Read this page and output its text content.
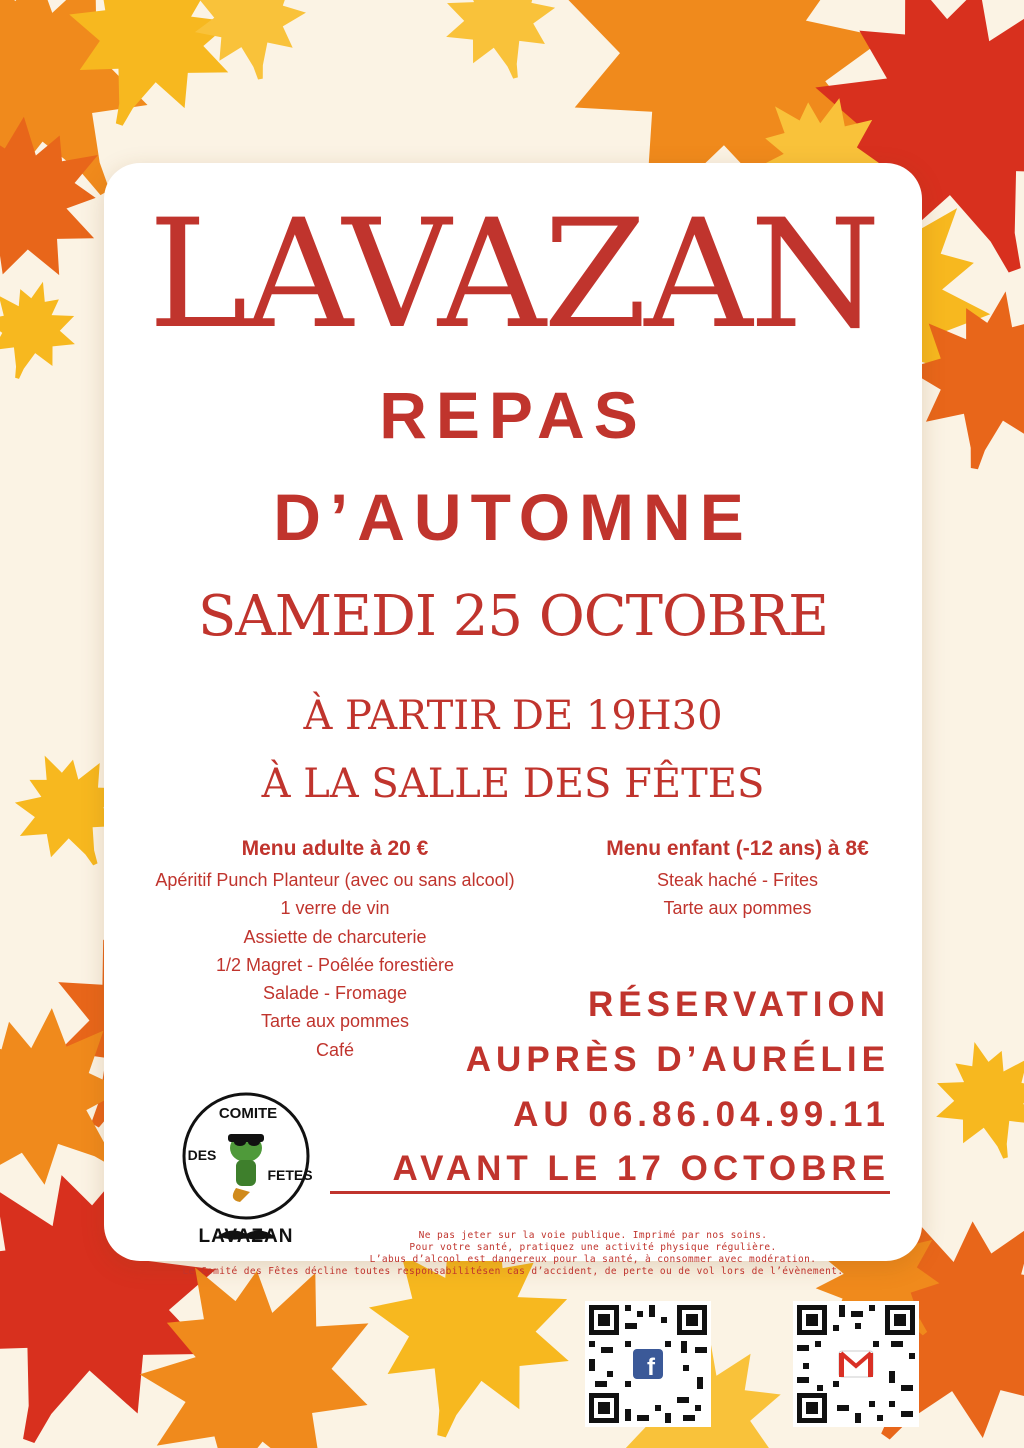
LAVAZAN
REPAS
D’AUTOMNE
SAMEDI 25 OCTOBRE
À PARTIR DE 19H30
À LA SALLE DES FÊTES
Menu adulte à 20 €
Apéritif Punch Planteur (avec ou sans alcool)
1 verre de vin
Assiette de charcuterie
1/2 Magret - Poêlée forestière
Salade - Fromage
Tarte aux pommes
Café
Menu enfant (-12 ans) à 8€
Steak haché - Frites
Tarte aux pommes
RÉSERVATION
AUPRÈS D’AURÉLIE
AU 06.86.04.99.11
AVANT LE 17 OCTOBRE
COMITE
DES
FETES
LAVAZAN	Ne pas jeter sur la voie publique. Imprimé par nos soins.
Pour votre santé, pratiquez une activité physique régulière.
L’abus d’alcool est dangereux pour la santé, à consommer avec modération.
Le Comité des Fêtes décline toutes responsabilitésen cas d’accident, de perte ou de vol lors de l’évènement.
f
